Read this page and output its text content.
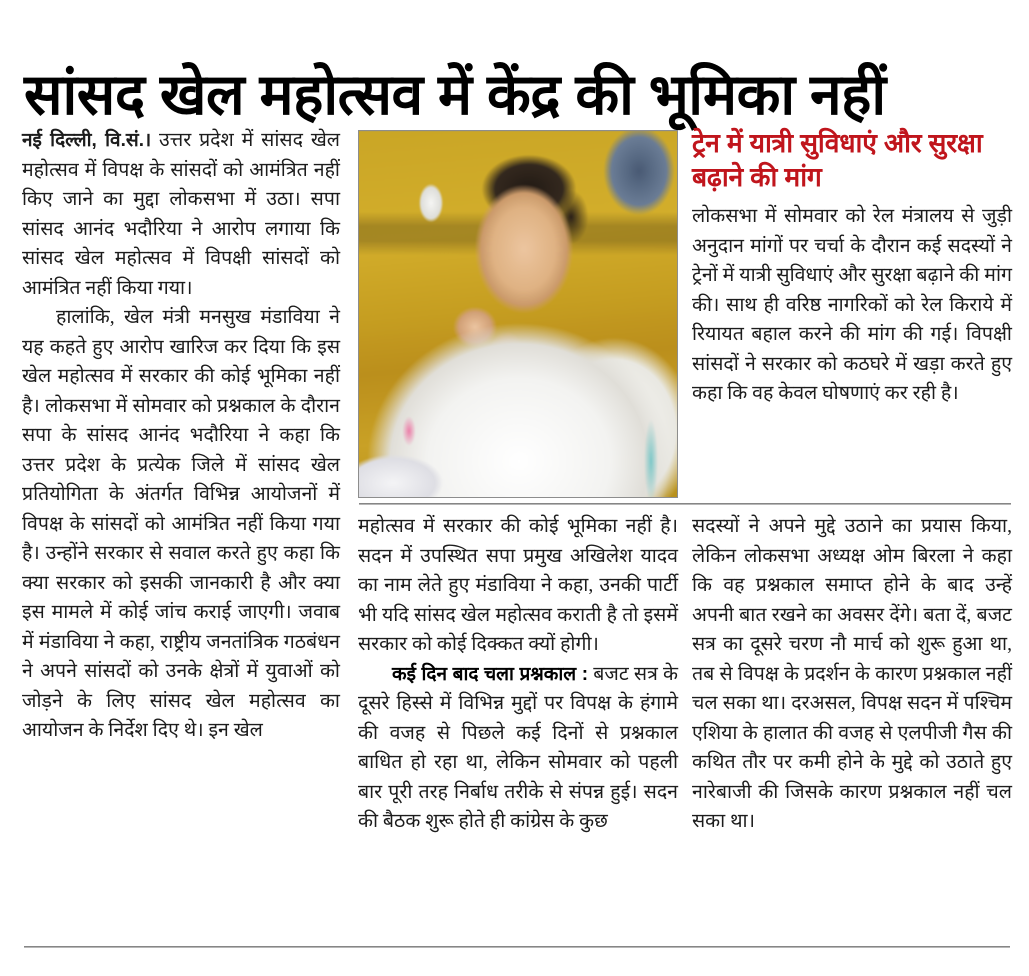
सांसद खेल महोत्सव में केंद्र की भूमिका नहीं

नई दिल्ली, वि.सं.। उत्तर प्रदेश में सांसद खेल महोत्सव में विपक्ष के सांसदों को आमंत्रित नहीं किए जाने का मुद्दा लोकसभा में उठा। सपा सांसद आनंद भदौरिया ने आरोप लगाया कि सांसद खेल महोत्सव में विपक्षी सांसदों को आमंत्रित नहीं किया गया।

हालांकि, खेल मंत्री मनसुख मंडाविया ने यह कहते हुए आरोप खारिज कर दिया कि इस खेल महोत्सव में सरकार की कोई भूमिका नहीं है। लोकसभा में सोमवार को प्रश्नकाल के दौरान सपा के सांसद आनंद भदौरिया ने कहा कि उत्तर प्रदेश के प्रत्येक जिले में सांसद खेल प्रतियोगिता के अंतर्गत विभिन्न आयोजनों में विपक्ष के सांसदों को आमंत्रित नहीं किया गया है। उन्होंने सरकार से सवाल करते हुए कहा कि क्या सरकार को इसकी जानकारी है और क्या इस मामले में कोई जांच कराई जाएगी। जवाब में मंडाविया ने कहा, राष्ट्रीय जनतांत्रिक गठबंधन ने अपने सांसदों को उनके क्षेत्रों में युवाओं को जोड़ने के लिए सांसद खेल महोत्सव का आयोजन के निर्देश दिए थे। इन खेल

महोत्सव में सरकार की कोई भूमिका नहीं है। सदन में उपस्थित सपा प्रमुख अखिलेश यादव का नाम लेते हुए मंडाविया ने कहा, उनकी पार्टी भी यदि सांसद खेल महोत्सव कराती है तो इसमें सरकार को कोई दिक्कत क्यों होगी।

कई दिन बाद चला प्रश्नकाल : बजट सत्र के दूसरे हिस्से में विभिन्न मुद्दों पर विपक्ष के हंगामे की वजह से पिछले कई दिनों से प्रश्नकाल बाधित हो रहा था, लेकिन सोमवार को पहली बार पूरी तरह निर्बाध तरीके से संपन्न हुई। सदन की बैठक शुरू होते ही कांग्रेस के कुछ

ट्रेन में यात्री सुविधाएं और सुरक्षा बढ़ाने की मांग

लोकसभा में सोमवार को रेल मंत्रालय से जुड़ी अनुदान मांगों पर चर्चा के दौरान कई सदस्यों ने ट्रेनों में यात्री सुविधाएं और सुरक्षा बढ़ाने की मांग की। साथ ही वरिष्ठ नागरिकों को रेल किराये में रियायत बहाल करने की मांग की गई। विपक्षी सांसदों ने सरकार को कठघरे में खड़ा करते हुए कहा कि वह केवल घोषणाएं कर रही है।

सदस्यों ने अपने मुद्दे उठाने का प्रयास किया, लेकिन लोकसभा अध्यक्ष ओम बिरला ने कहा कि वह प्रश्नकाल समाप्त होने के बाद उन्हें अपनी बात रखने का अवसर देंगे। बता दें, बजट सत्र का दूसरे चरण नौ मार्च को शुरू हुआ था, तब से विपक्ष के प्रदर्शन के कारण प्रश्नकाल नहीं चल सका था। दरअसल, विपक्ष सदन में पश्चिम एशिया के हालात की वजह से एलपीजी गैस की कथित तौर पर कमी होने के मुद्दे को उठाते हुए नारेबाजी की जिसके कारण प्रश्नकाल नहीं चल सका था।
